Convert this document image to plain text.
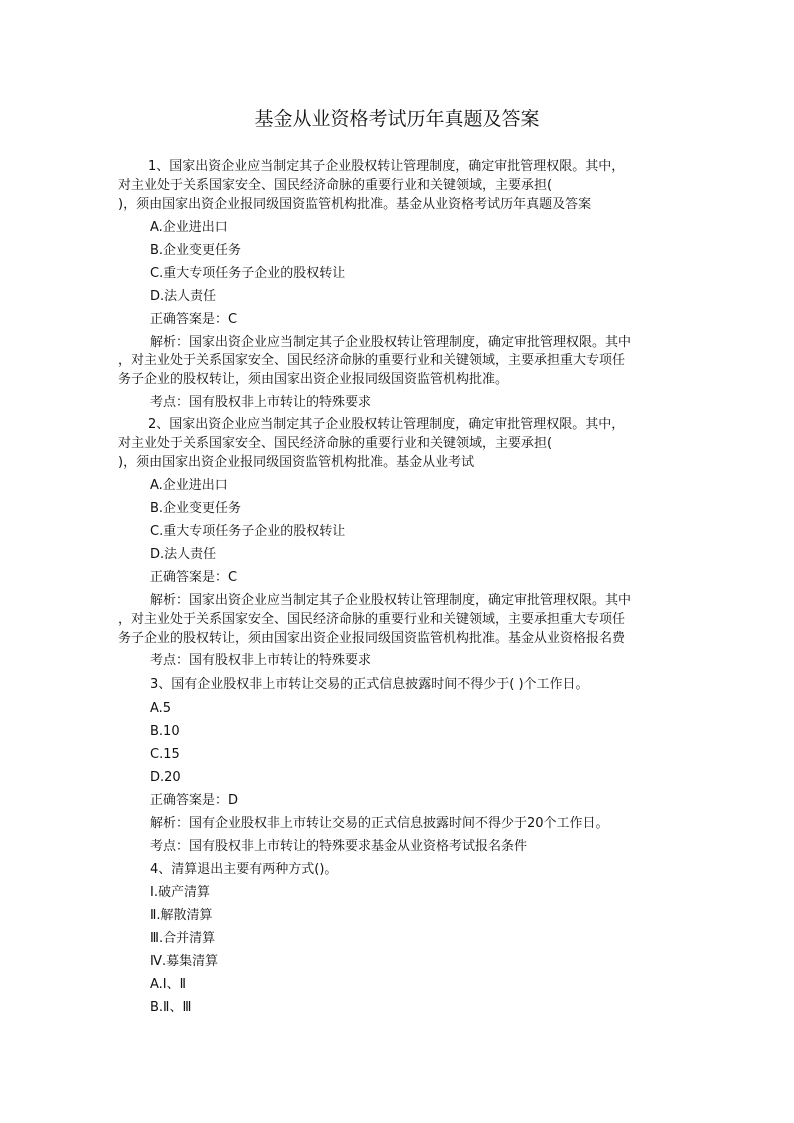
基金从业资格考试历年真题及答案
1、国家出资企业应当制定其子企业股权转让管理制度，确定审批管理权限。其中，
对主业处于关系国家安全、国民经济命脉的重要行业和关键领域，主要承担(
)，须由国家出资企业报同级国资监管机构批准。基金从业资格考试历年真题及答案
A.企业进出口
B.企业变更任务
C.重大专项任务子企业的股权转让
D.法人责任
正确答案是：C
解析：国家出资企业应当制定其子企业股权转让管理制度，确定审批管理权限。其中
，对主业处于关系国家安全、国民经济命脉的重要行业和关键领域，主要承担重大专项任
务子企业的股权转让，须由国家出资企业报同级国资监管机构批准。
考点：国有股权非上市转让的特殊要求
2、国家出资企业应当制定其子企业股权转让管理制度，确定审批管理权限。其中，
对主业处于关系国家安全、国民经济命脉的重要行业和关键领域，主要承担(
)，须由国家出资企业报同级国资监管机构批准。基金从业考试
A.企业进出口
B.企业变更任务
C.重大专项任务子企业的股权转让
D.法人责任
正确答案是：C
解析：国家出资企业应当制定其子企业股权转让管理制度，确定审批管理权限。其中
，对主业处于关系国家安全、国民经济命脉的重要行业和关键领域，主要承担重大专项任
务子企业的股权转让，须由国家出资企业报同级国资监管机构批准。基金从业资格报名费
考点：国有股权非上市转让的特殊要求
3、国有企业股权非上市转让交易的正式信息披露时间不得少于( )个工作日。
A.5
B.10
C.15
D.20
正确答案是：D
解析：国有企业股权非上市转让交易的正式信息披露时间不得少于20个工作日。
考点：国有股权非上市转让的特殊要求基金从业资格考试报名条件
4、清算退出主要有两种方式()。
Ⅰ.破产清算
Ⅱ.解散清算
Ⅲ.合并清算
Ⅳ.募集清算
A.Ⅰ、Ⅱ
B.Ⅱ、Ⅲ
